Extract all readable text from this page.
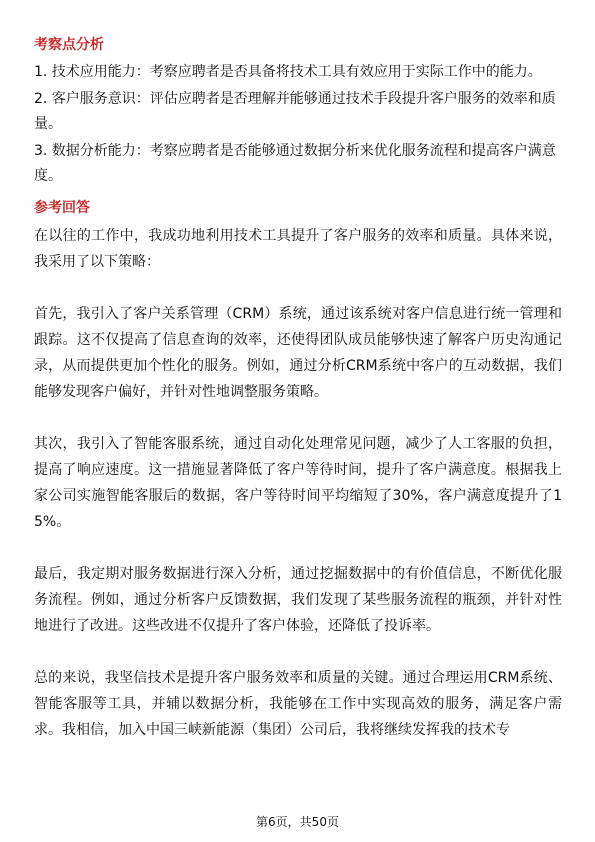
考察点分析
1. 技术应用能力：考察应聘者是否具备将技术工具有效应用于实际工作中的能力。
2. 客户服务意识：评估应聘者是否理解并能够通过技术手段提升客户服务的效率和质量。
3. 数据分析能力：考察应聘者是否能够通过数据分析来优化服务流程和提高客户满意度。
参考回答

在以往的工作中，我成功地利用技术工具提升了客户服务的效率和质量。具体来说，我采用了以下策略：

首先，我引入了客户关系管理（CRM）系统，通过该系统对客户信息进行统一管理和跟踪。这不仅提高了信息查询的效率，还使得团队成员能够快速了解客户历史沟通记录，从而提供更加个性化的服务。例如，通过分析CRM系统中客户的互动数据，我们能够发现客户偏好，并针对性地调整服务策略。

其次，我引入了智能客服系统，通过自动化处理常见问题，减少了人工客服的负担，提高了响应速度。这一措施显著降低了客户等待时间，提升了客户满意度。根据我上家公司实施智能客服后的数据，客户等待时间平均缩短了30%，客户满意度提升了15%。

最后，我定期对服务数据进行深入分析，通过挖掘数据中的有价值信息，不断优化服务流程。例如，通过分析客户反馈数据，我们发现了某些服务流程的瓶颈，并针对性地进行了改进。这些改进不仅提升了客户体验，还降低了投诉率。

总的来说，我坚信技术是提升客户服务效率和质量的关键。通过合理运用CRM系统、智能客服等工具，并辅以数据分析，我能够在工作中实现高效的服务，满足客户需求。我相信，加入中国三峡新能源（集团）公司后，我将继续发挥我的技术专

第6页，共50页
